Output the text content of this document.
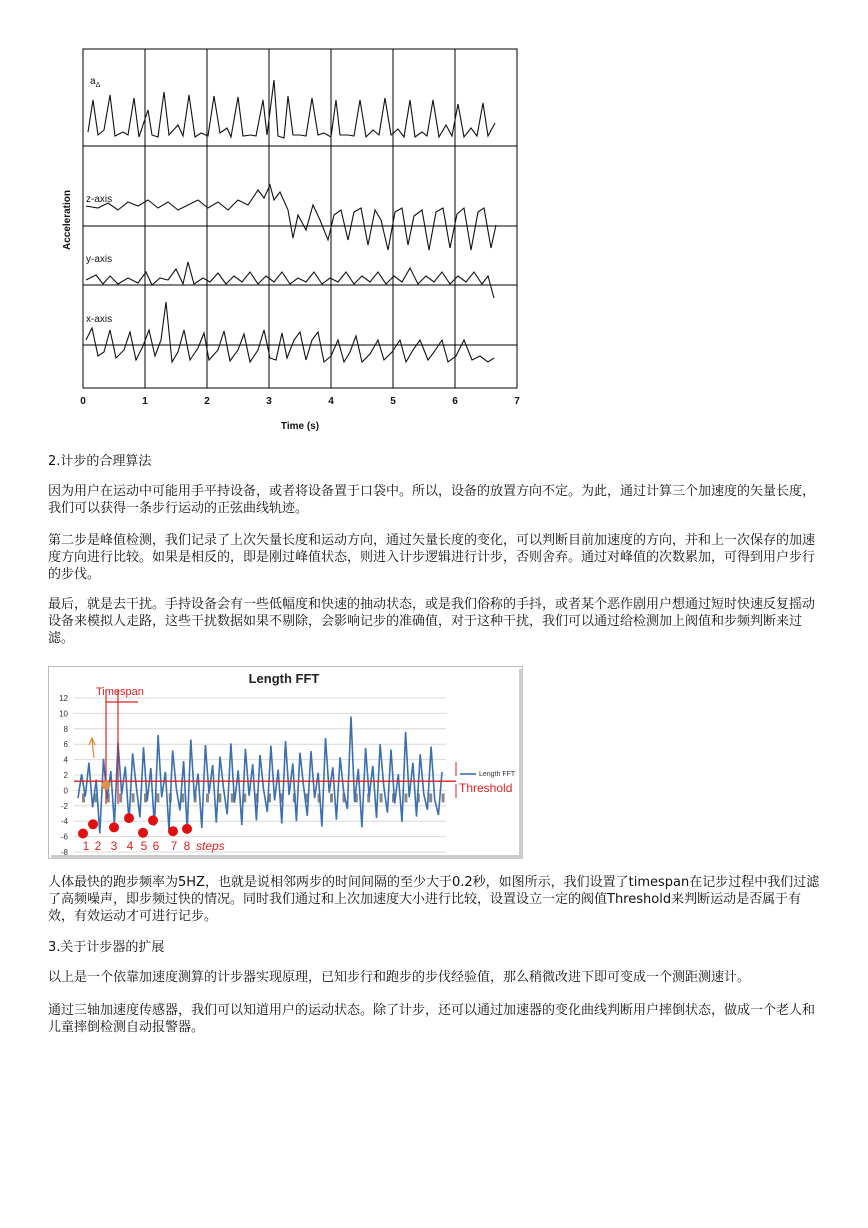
$a_\Delta$
z-axis
y-axis
x-axis
Acceleration
0	1	2	3	4	5	6	7
Time (s)

2.计步的合理算法

因为用户在运动中可能用手平持设备，或者将设备置于口袋中。所以，设备的放置方向不定。为此，通过计算三个加速度的矢量长度，我们可以获得一条步行运动的正弦曲线轨迹。

第二步是峰值检测，我们记录了上次矢量长度和运动方向，通过矢量长度的变化，可以判断目前加速度的方向，并和上一次保存的加速度方向进行比较。如果是相反的，即是刚过峰值状态，则进入计步逻辑进行计步，否则舍弃。通过对峰值的次数累加，可得到用户步行的步伐。

最后，就是去干扰。手持设备会有一些低幅度和快速的抽动状态，或是我们俗称的手抖，或者某个恶作剧用户想通过短时快速反复摇动设备来模拟人走路，这些干扰数据如果不剔除，会影响记步的准确值，对于这种干扰，我们可以通过给检测加上阀值和步频判断来过滤。

Length FFT
12
10
8
6
4
2
0
-2
-4
-6
-8
Timespan
Threshold
Length FFT
1 2 3 4 5 6 7 8 steps

人体最快的跑步频率为5HZ，也就是说相邻两步的时间间隔的至少大于0.2秒，如图所示，我们设置了timespan在记步过程中我们过滤了高频噪声，即步频过快的情况。同时我们通过和上次加速度大小进行比较，设置设立一定的阀值Threshold来判断运动是否属于有效，有效运动才可进行记步。

3.关于计步器的扩展

以上是一个依靠加速度测算的计步器实现原理，已知步行和跑步的步伐经验值，那么稍微改进下即可变成一个测距测速计。

通过三轴加速度传感器，我们可以知道用户的运动状态。除了计步，还可以通过加速器的变化曲线判断用户摔倒状态，做成一个老人和儿童摔倒检测自动报警器。
